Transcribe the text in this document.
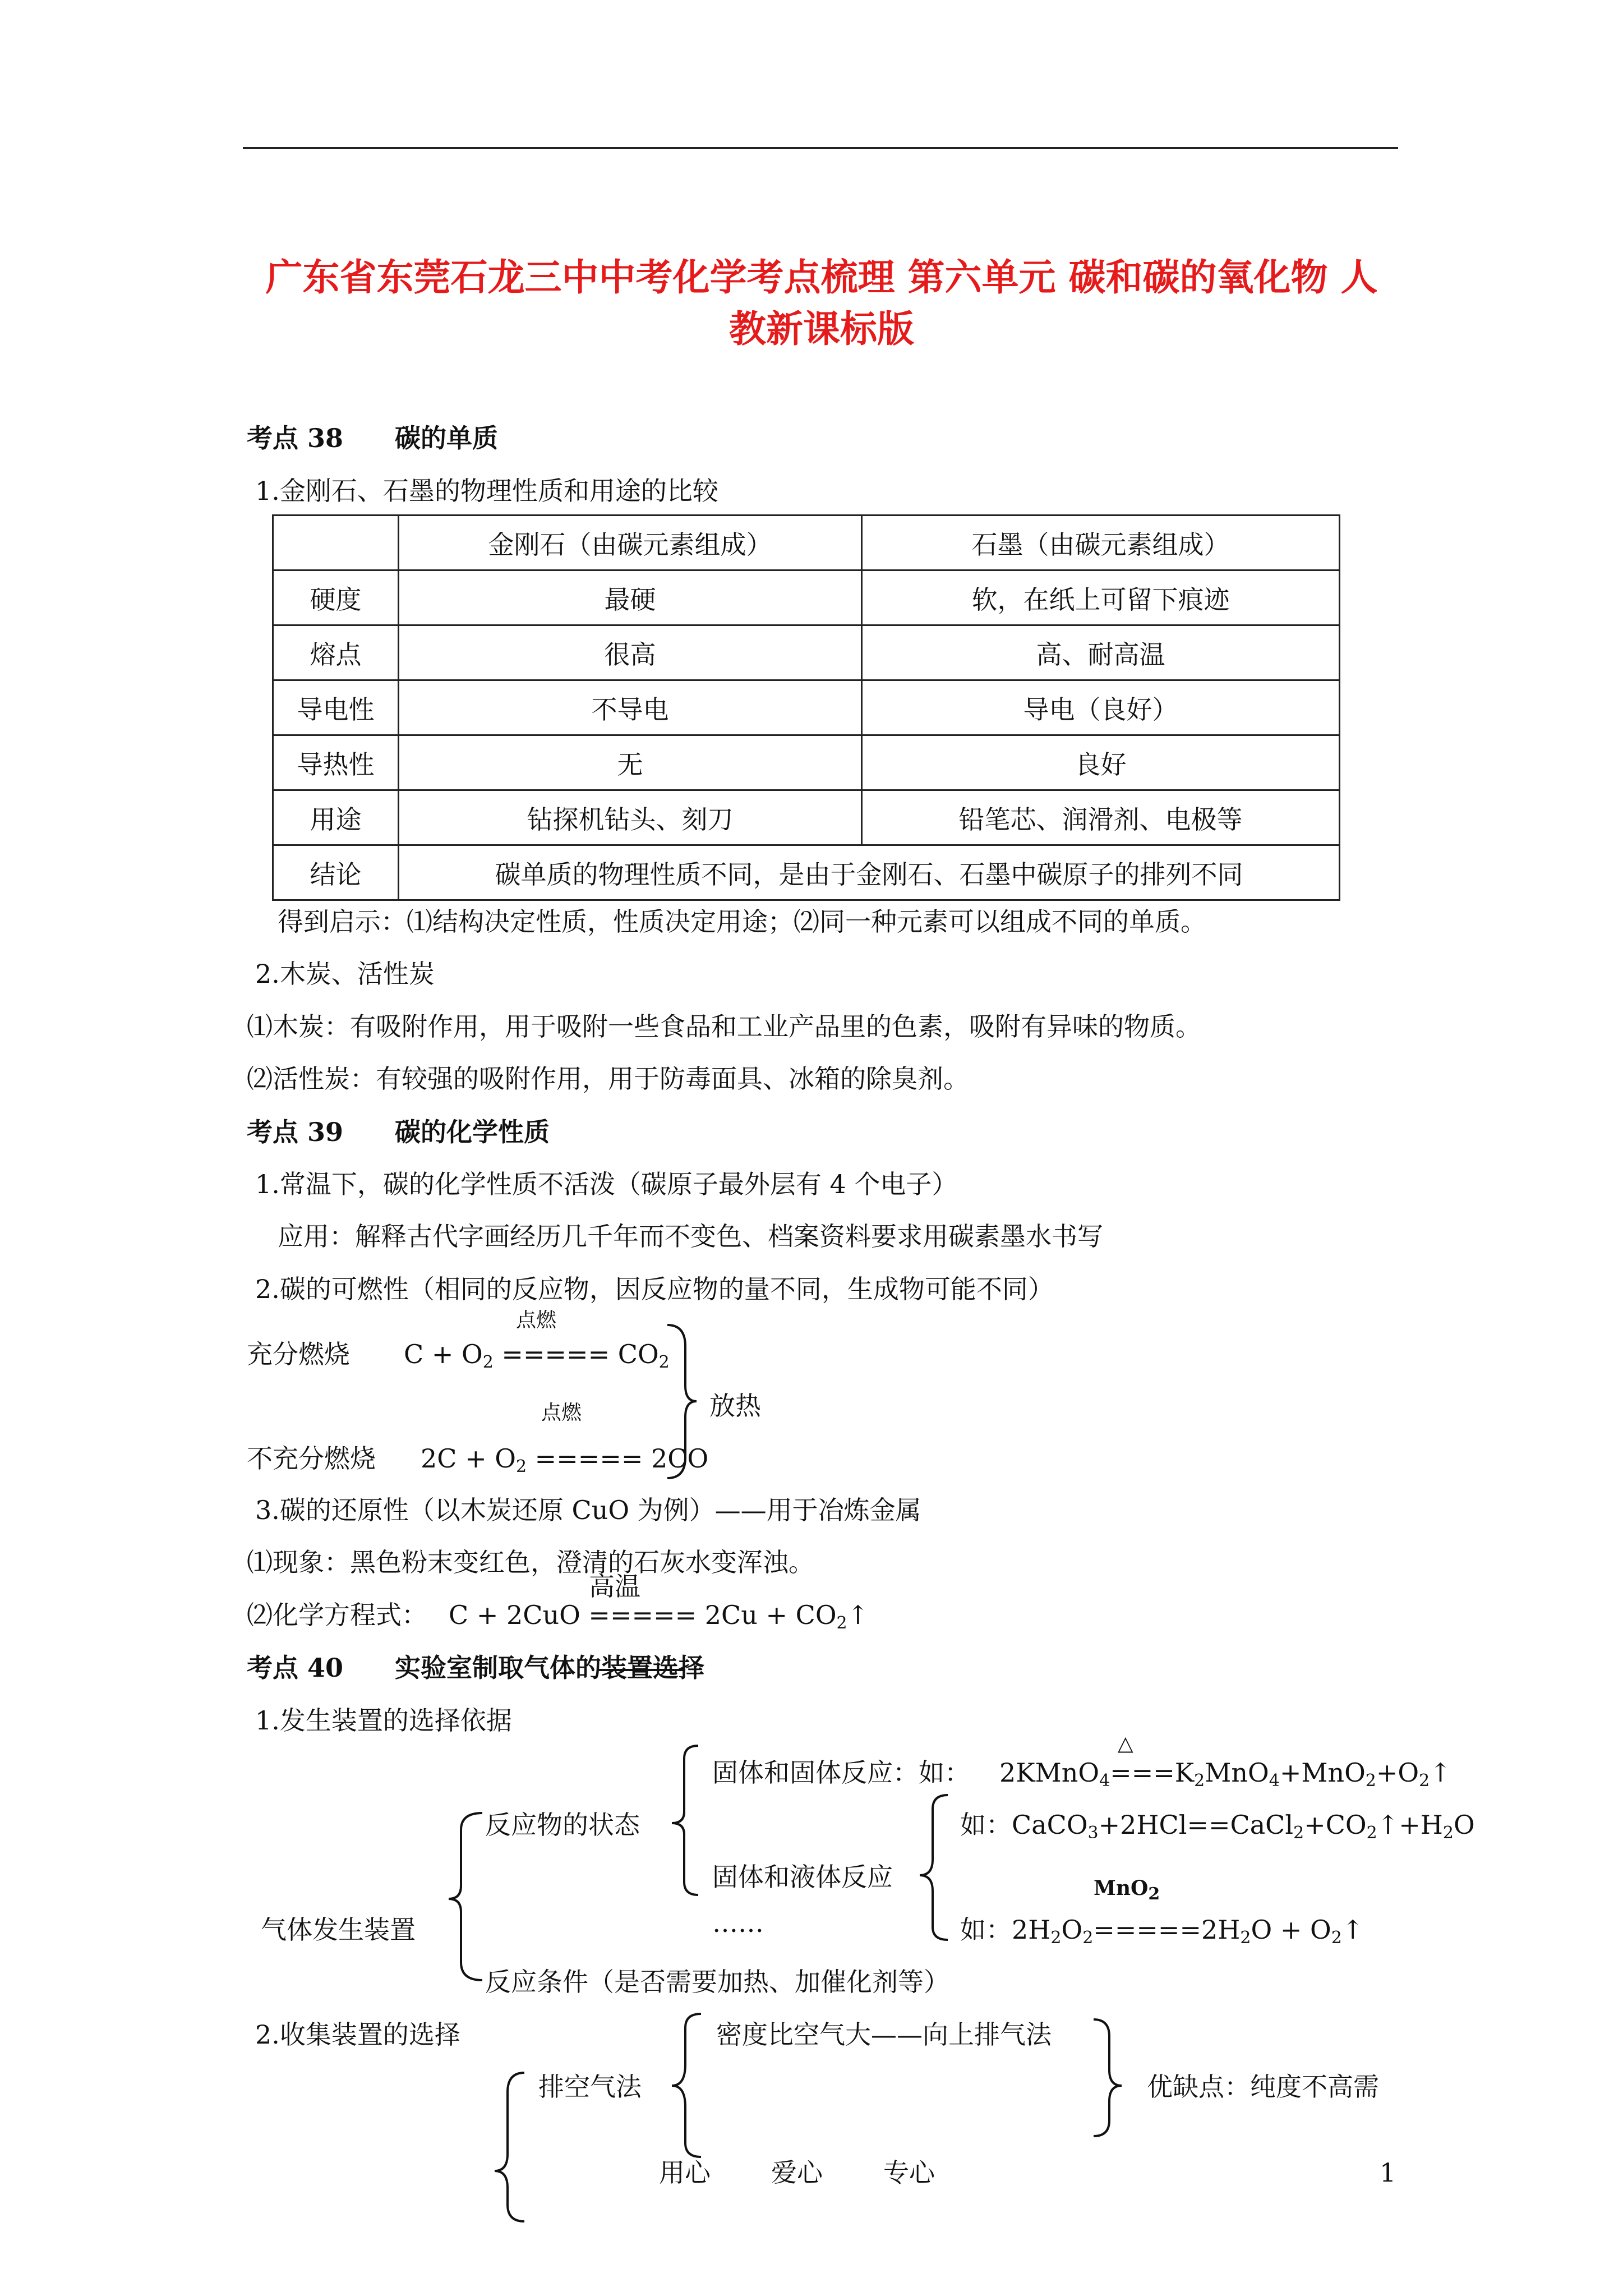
广东省东莞石龙三中中考化学考点梳理 第六单元 碳和碳的氧化物 人
教新课标版
考点 38　　碳的单质
1.金刚石、石墨的物理性质和用途的比较
	金刚石（由碳元素组成）	石墨（由碳元素组成）
硬度	最硬	软，在纸上可留下痕迹
熔点	很高	高、耐高温
导电性	不导电	导电（良好）
导热性	无	良好
用途	钻探机钻头、刻刀	铅笔芯、润滑剂、电极等
结论	碳单质的物理性质不同，是由于金刚石、石墨中碳原子的排列不同	
得到启示：⑴结构决定性质，性质决定用途；⑵同一种元素可以组成不同的单质。
2.木炭、活性炭
⑴木炭：有吸附作用，用于吸附一些食品和工业产品里的色素，吸附有异味的物质。
⑵活性炭：有较强的吸附作用，用于防毒面具、冰箱的除臭剂。
考点 39　　碳的化学性质
1.常温下，碳的化学性质不活泼（碳原子最外层有 4 个电子）
应用：解释古代字画经历几千年而不变色、档案资料要求用碳素墨水书写
2.碳的可燃性（相同的反应物，因反应物的量不同，生成物可能不同）
点燃
充分燃烧 $C + O_2$ ===== $CO_2$
点燃	放热
不充分燃烧 $2C + O_2$ ===== 2CO
3.碳的还原性（以木炭还原 CuO 为例）——用于冶炼金属
⑴现象：黑色粉末变红色，澄清的石灰水变浑浊。
高温
⑵化学方程式： C + 2CuO ===== $2Cu + CO_2↑$
考点 40　　实验室制取气体的装置选择
1.发生装置的选择依据
固体和固体反应：如：
△
$2KMnO_4===K_2MnO_4+MnO_2+O_2↑$
反应物的状态	如：$CaCO_3+2HCl==CaCl_2+CO_2↑+H_2O$
固体和液体反应	MnO$_2$
气体发生装置	……	如：$2H_2O_2=====2H_2O$ + $O_2↑$
反应条件（是否需要加热、加催化剂等）
2.收集装置的选择	密度比空气大——向上排气法
排空气法	优缺点：纯度不高需
用心 爱心 专心	1
